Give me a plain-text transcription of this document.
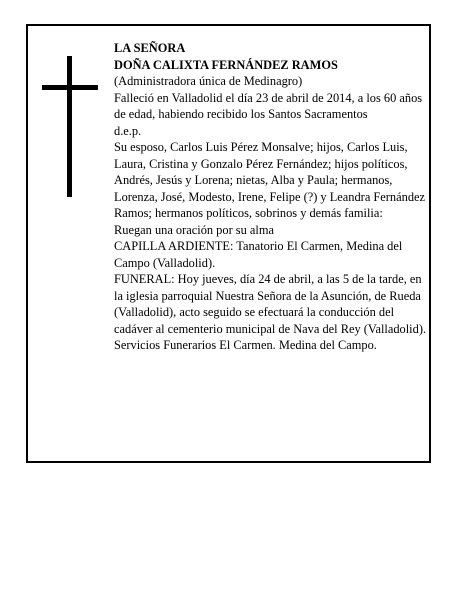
LA SEÑORA
DOÑA CALIXTA FERNÁNDEZ RAMOS
(Administradora única de Medinagro)
Falleció en Valladolid el día 23 de abril de 2014, a los 60 años de edad, habiendo recibido los Santos Sacramentos
d.e.p.
Su esposo, Carlos Luis Pérez Monsalve; hijos, Carlos Luis, Laura, Cristina y Gonzalo Pérez Fernández; hijos políticos, Andrés, Jesús y Lorena; nietas, Alba y Paula; hermanos, Lorenza, José, Modesto, Irene, Felipe (?) y Leandra Fernández Ramos; hermanos políticos, sobrinos y demás familia:
Ruegan una oración por su alma
CAPILLA ARDIENTE: Tanatorio El Carmen, Medina del Campo (Valladolid).
FUNERAL: Hoy jueves, día 24 de abril, a las 5 de la tarde, en la iglesia parroquial Nuestra Señora de la Asunción, de Rueda (Valladolid), acto seguido se efectuará la conducción del cadáver al cementerio municipal de Nava del Rey (Valladolid).
Servicios Funerarios El Carmen. Medina del Campo.
